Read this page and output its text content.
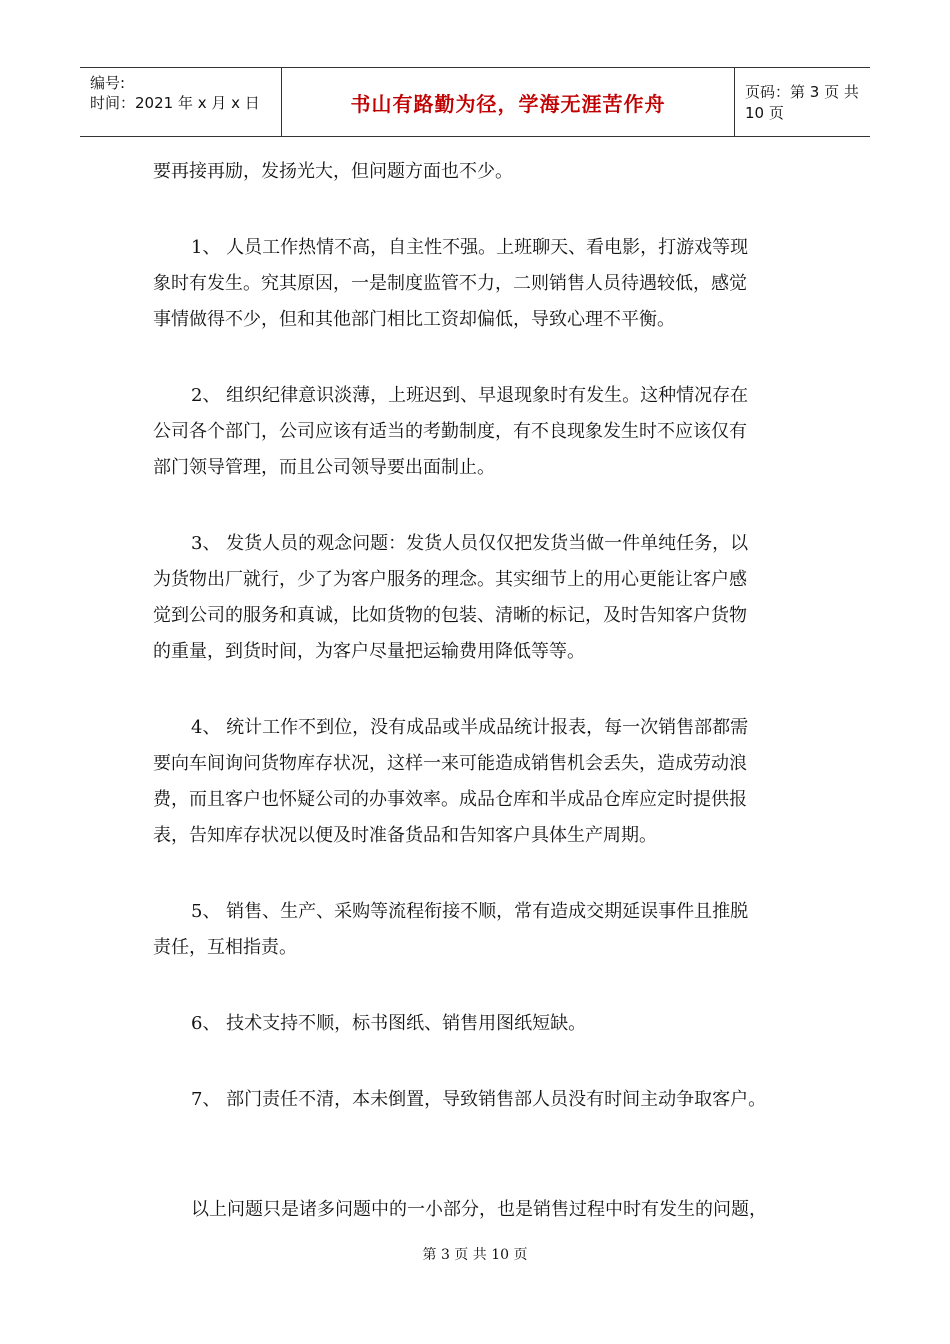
编号:
时间：2021 年 x 月 x 日	书山有路勤为径，学海无涯苦作舟	页码：第 3 页 共 10 页
要再接再励，发扬光大，但问题方面也不少。
1、 人员工作热情不高，自主性不强。上班聊天、看电影，打游戏等现
象时有发生。究其原因，一是制度监管不力，二则销售人员待遇较低，感觉
事情做得不少，但和其他部门相比工资却偏低，导致心理不平衡。
2、 组织纪律意识淡薄，上班迟到、早退现象时有发生。这种情况存在
公司各个部门，公司应该有适当的考勤制度，有不良现象发生时不应该仅有
部门领导管理，而且公司领导要出面制止。
3、 发货人员的观念问题：发货人员仅仅把发货当做一件单纯任务，以
为货物出厂就行，少了为客户服务的理念。其实细节上的用心更能让客户感
觉到公司的服务和真诚，比如货物的包装、清晰的标记，及时告知客户货物
的重量，到货时间，为客户尽量把运输费用降低等等。
4、 统计工作不到位，没有成品或半成品统计报表，每一次销售部都需
要向车间询问货物库存状况，这样一来可能造成销售机会丢失，造成劳动浪
费，而且客户也怀疑公司的办事效率。成品仓库和半成品仓库应定时提供报
表，告知库存状况以便及时准备货品和告知客户具体生产周期。
5、 销售、生产、采购等流程衔接不顺，常有造成交期延误事件且推脱
责任，互相指责。
6、 技术支持不顺，标书图纸、销售用图纸短缺。
7、 部门责任不清，本未倒置，导致销售部人员没有时间主动争取客户。
以上问题只是诸多问题中的一小部分，也是销售过程中时有发生的问题，
第 3 页 共 10 页
